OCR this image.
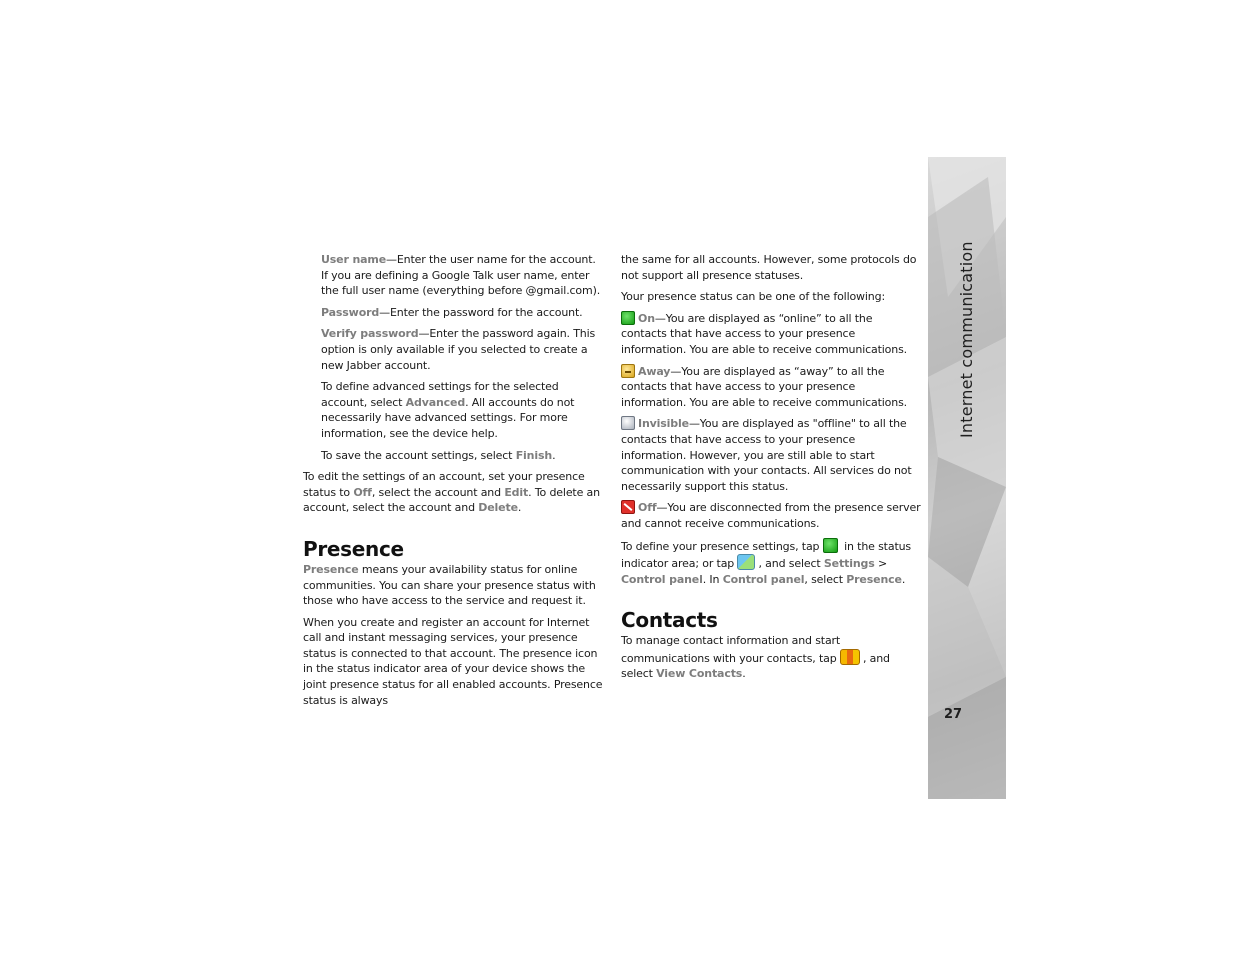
User name—Enter the user name for the account. If you are defining a Google Talk user name, enter the full user name (everything before @gmail.com).

Password—Enter the password for the account.

Verify password—Enter the password again. This option is only available if you selected to create a new Jabber account.

To define advanced settings for the selected account, select Advanced. All accounts do not necessarily have advanced settings. For more information, see the device help.

To save the account settings, select Finish.

To edit the settings of an account, set your presence status to Off, select the account and Edit. To delete an account, select the account and Delete.

Presence

Presence means your availability status for online communities. You can share your presence status with those who have access to the service and request it.

When you create and register an account for Internet call and instant messaging services, your presence status is connected to that account. The presence icon in the status indicator area of your device shows the joint presence status for all enabled accounts. Presence status is always

the same for all accounts. However, some protocols do not support all presence statuses.

Your presence status can be one of the following:

On—You are displayed as “online” to all the contacts that have access to your presence information. You are able to receive communications.

Away—You are displayed as “away” to all the contacts that have access to your presence information. You are able to receive communications.

Invisible—You are displayed as "offline" to all the contacts that have access to your presence information. However, you are still able to start communication with your contacts. All services do not necessarily support this status.

Off—You are disconnected from the presence server and cannot receive communications.

To define your presence settings, tap  in the status indicator area; or tap , and select Settings > Control panel. In Control panel, select Presence.

Contacts

To manage contact information and start communications with your contacts, tap , and select View Contacts.

Internet communication
27
